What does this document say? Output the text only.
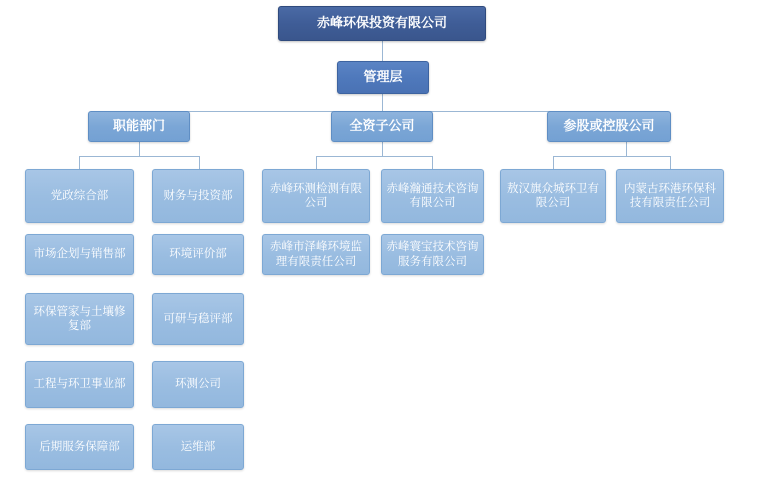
赤峰环保投资有限公司
管理层
职能部门	全资子公司	参股或控股公司
党政综合部
市场企划与销售部
环保管家与土壤修复部
工程与环卫事业部
后期服务保障部
财务与投资部
环境评价部
可研与稳评部
环测公司
运维部
赤峰环测检测有限公司
赤峰市泽峰环境监理有限责任公司
赤峰瀚通技术咨询有限公司
赤峰寰宝技术咨询服务有限公司
敖汉旗众城环卫有限公司
内蒙古环港环保科技有限责任公司
